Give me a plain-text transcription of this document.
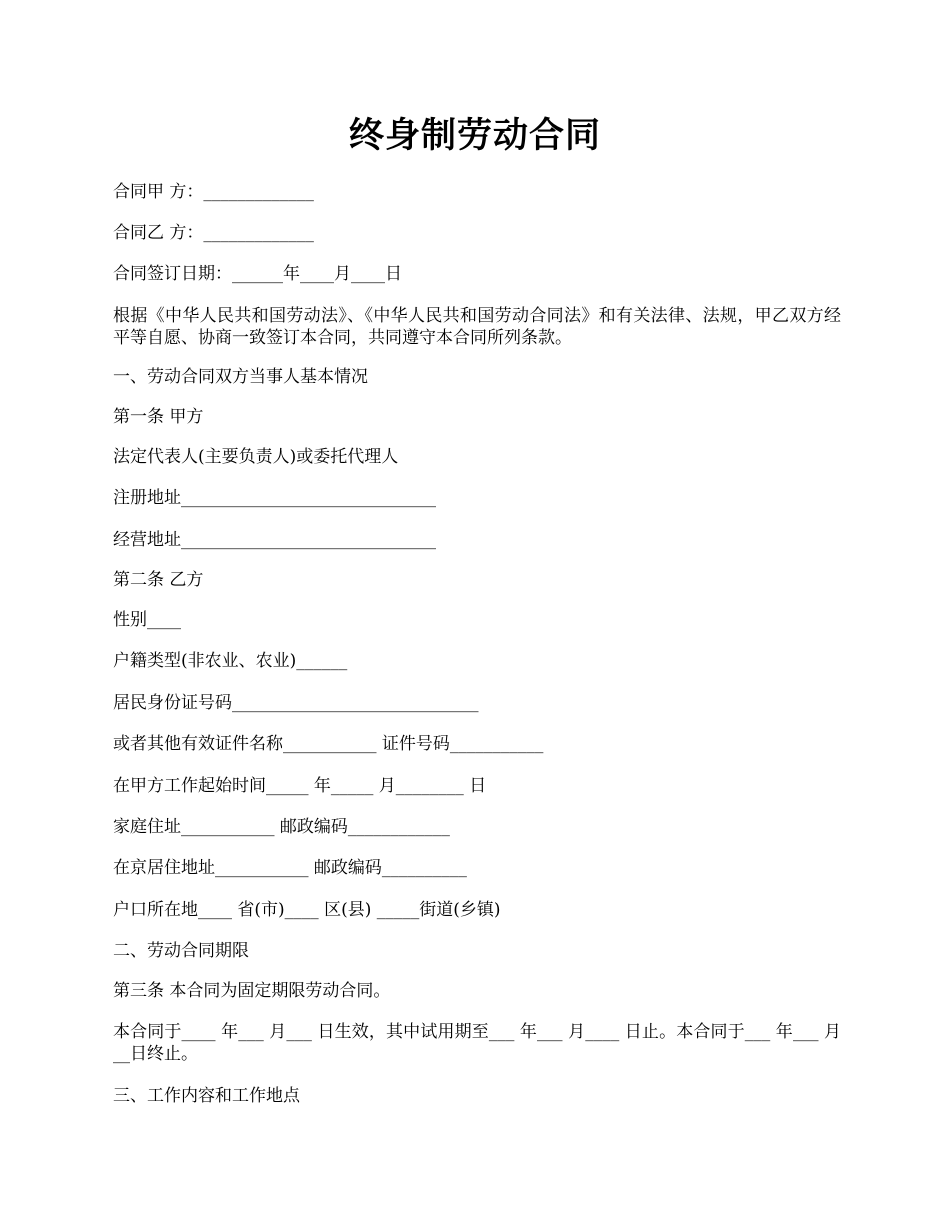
终身制劳动合同
合同甲 方：_____________
合同乙 方：_____________
合同签订日期：______年____月____日
根据《中华人民共和国劳动法》、《中华人民共和国劳动合同法》和有关法律、法规，甲乙双方经平等自愿、协商一致签订本合同，共同遵守本合同所列条款。
一、劳动合同双方当事人基本情况
第一条 甲方
法定代表人(主要负责人)或委托代理人
注册地址______________________________
经营地址______________________________
第二条 乙方
性别____
户籍类型(非农业、农业)______
居民身份证号码_____________________________
或者其他有效证件名称___________ 证件号码___________
在甲方工作起始时间_____ 年_____ 月________ 日
家庭住址___________ 邮政编码____________
在京居住地址___________ 邮政编码__________
户口所在地____ 省(市)____ 区(县) _____街道(乡镇)
二、劳动合同期限
第三条 本合同为固定期限劳动合同。
本合同于____ 年___ 月___ 日生效，其中试用期至___ 年___ 月____ 日止。本合同于___ 年___ 月 __日终止。
三、工作内容和工作地点
